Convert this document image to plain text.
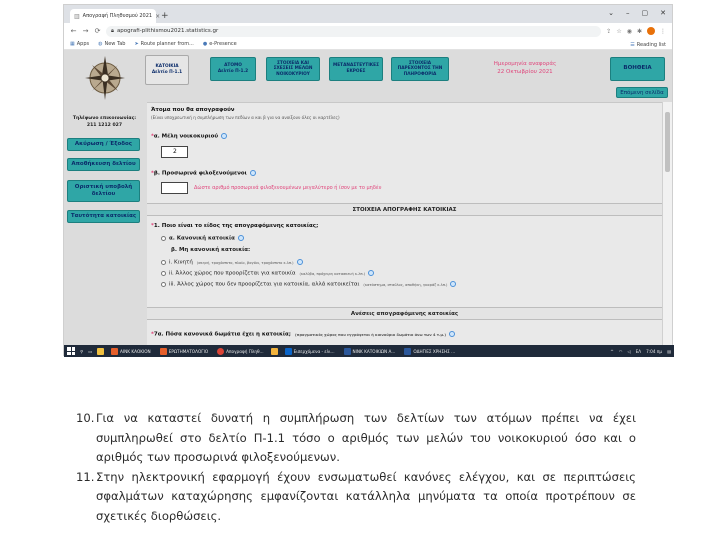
▥ Απογραφή Πληθυσμού 2021 × +	⌄ – ▢ ✕
← → ⟳ 🔒︎ apografi-plithismou2021.statistics.gr	⇪ ☆ ◉ ✱	⋮
▦ Apps ◍ New Tab ➤ Route planner from... ● e-Presence	☰ Reading list
Τηλέφωνο επικοινωνίας:
211 1212 027
Ακύρωση / Έξοδος
Αποθήκευση δελτίου
Οριστική υποβολή δελτίου
Ταυτότητα κατοικίας
ΚΑΤΟΙΚΙΑ
Δελτίο Π-1.1
ΑΤΟΜΟ
Δελτίο Π-1.2
ΣΤΟΙΧΕΙΑ ΚΑΙ ΣΧΕΣΕΙΣ ΜΕΛΩΝ
ΝΟΙΚΟΚΥΡΙΟΥ
ΜΕΤΑΝΑΣΤΕΥΤΙΚΕΣ
ΕΚΡΟΕΣ
ΣΤΟΙΧΕΙΑ ΠΑΡΕΧΟΝΤΟΣ ΤΗΝ
ΠΛΗΡΟΦΟΡΙΑ
Ημερομηνία αναφοράς
22 Οκτωβρίου 2021
ΒΟΗΘΕΙΑ
Επόμενη σελίδα
Άτομα που θα απογραφούν
(Είναι υποχρεωτική η συμπλήρωση των πεδίων α και β για να ανοίξουν όλες οι καρτέλες)
*α. Μέλη νοικοκυριού
2
*β. Προσωρινά φιλοξενούμενοι
Δώστε αριθμό προσωρινά φιλοξενουμένων μεγαλύτερο ή ίσον με το μηδέν
ΣΤΟΙΧΕΙΑ ΑΠΟΓΡΑΦΗΣ ΚΑΤΟΙΚΙΑΣ
*1. Ποιο είναι το είδος της απογραφόμενης κατοικίας;
α. Κανονική κατοικία
β. Μη κανονική κατοικία:
i. Κινητή (σκηνή, τροχόσπιτο, πλοίο, βαγόνι, τροχόσπιτο κ.λπ.)
ii. Άλλος χώρος που προορίζεται για κατοικία (καλύβα, πρόχειρη κατασκευή κ.λπ.)
iii. Άλλος χώρος που δεν προορίζεται για κατοικία, αλλά κατοικείται (κατάστημα, σταύλος, αποθήκη, γκαράζ κ.λπ.)
Ανέσεις απογραφόμενης κατοικίας
*7α. Πόσα κανονικά δωμάτια έχει η κατοικία; (πραγματικός χώρος που εγγράφεται ή καινούριο δωμάτιο άνω των 4 τ.μ.)
⚲ ▭	ΑΙΝΚ ΚΑΟΚΙΟΝ	ΕΡΩΤΗΜΑΤΟΛΟΓΙΟ	Απογραφή Πληθ...	Εισερχόμενα - ελι...	ΝΙΝΚ ΚΑΤΟΙΚΙΩΝ Α...	ΟΔΗΓΙΕΣ ΧΡΗΣΗΣ ...	^ ◠ ◁ ΕΛ 7:04 πμ ▤
10. Για να καταστεί δυνατή η συμπλήρωση των δελτίων των ατόμων πρέπει να έχει συμπληρωθεί στο δελτίο Π-1.1 τόσο ο αριθμός των μελών του νοικοκυριού όσο και ο αριθμός των προσωρινά φιλοξενούμενων.
11. Στην ηλεκτρονική εφαρμογή έχουν ενσωματωθεί κανόνες ελέγχου, και σε περιπτώσεις σφαλμάτων καταχώρησης εμφανίζονται κατάλληλα μηνύματα τα οποία προτρέπουν σε σχετικές διορθώσεις.
